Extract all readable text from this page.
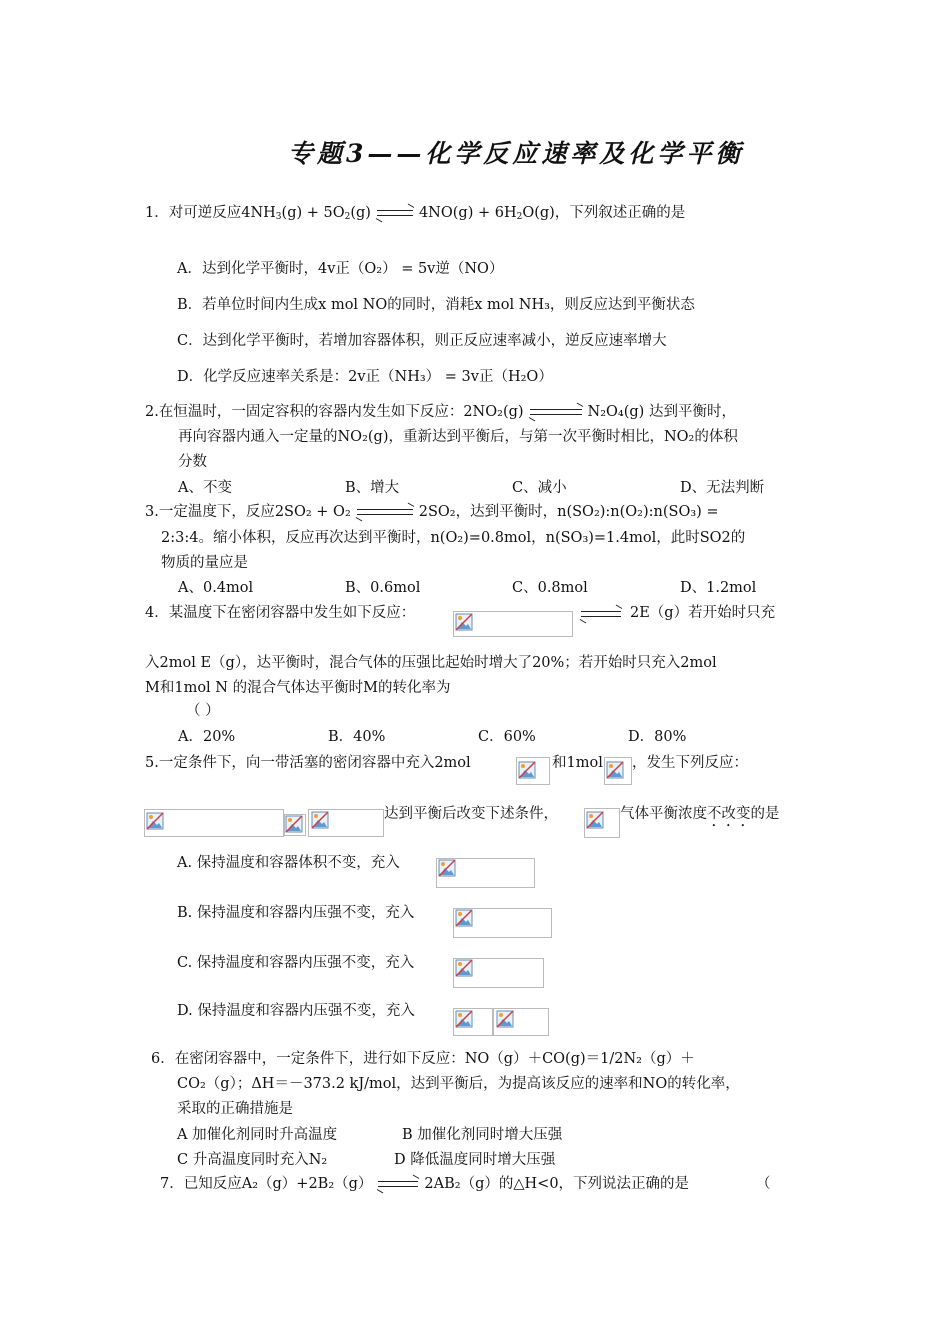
专题3——化学反应速率及化学平衡
1．对可逆反应$4NH_3(g) + 5O_2(g)$	$4NO(g) + 6H_2O(g)$，下列叙述正确的是
A．达到化学平衡时，4v正（O₂） = 5v逆（NO）
B．若单位时间内生成x mol NO的同时，消耗x mol NH₃，则反应达到平衡状态
C．达到化学平衡时，若增加容器体积，则正反应速率减小，逆反应速率增大
D．化学反应速率关系是：2v正（NH₃） = 3v正（H₂O）
2.在恒温时，一固定容积的容器内发生如下反应：2NO₂(g)	N₂O₄(g) 达到平衡时，
再向容器内通入一定量的NO₂(g)，重新达到平衡后，与第一次平衡时相比，NO₂的体积
分数
A、不变	B、增大	C、减小	D、无法判断
3.一定温度下，反应2SO₂ + O₂	2SO₂，达到平衡时，n(SO₂):n(O₂):n(SO₃) =
2:3:4。缩小体积，反应再次达到平衡时，n(O₂)=0.8mol，n(SO₃)=1.4mol，此时SO2的
物质的量应是
A、0.4mol	B、0.6mol	C、0.8mol	D、1.2mol
4．某温度下在密闭容器中发生如下反应：	2E（g）若开始时只充
入2mol E（g），达平衡时，混合气体的压强比起始时增大了20%；若开始时只充入2mol
M和1mol N 的混合气体达平衡时M的转化率为
（ ）
A．20%	B．40%	C．60%	D．80%
5.一定条件下，向一带活塞的密闭容器中充入2mol	和1mol ，发生下列反应：
达到平衡后改变下述条件，	气体平衡浓度不改变的是
A. 保持温度和容器体积不变，充入
B. 保持温度和容器内压强不变，充入
C. 保持温度和容器内压强不变，充入
D. 保持温度和容器内压强不变，充入
6．在密闭容器中，一定条件下，进行如下反应：NO（g）＋CO(g)＝1/2N₂（g）＋
CO₂（g）；ΔH＝－373.2 kJ/mol，达到平衡后，为提高该反应的速率和NO的转化率，
采取的正确措施是
A 加催化剂同时升高温度	B 加催化剂同时增大压强
C 升高温度同时充入N₂	D 降低温度同时增大压强
7．已知反应A₂（g）+2B₂（g）	2AB₂（g）的△H<0，下列说法正确的是	（
